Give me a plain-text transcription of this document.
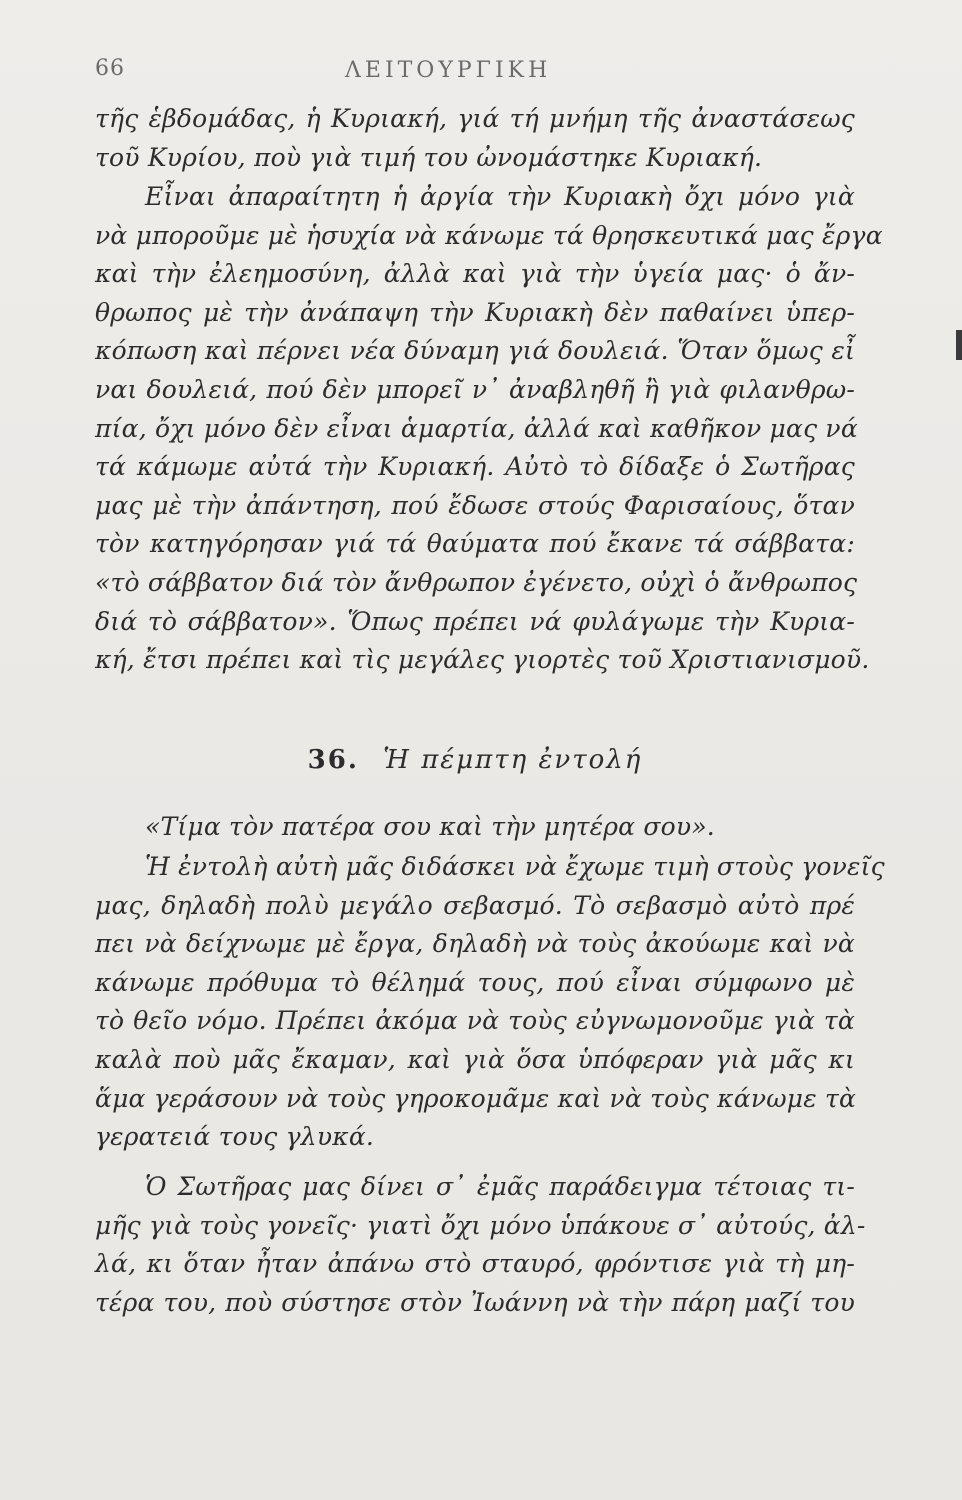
66	ΛΕΙΤΟΥΡΓΙΚΗ
τῆς ἑβδομάδας, ἡ Κυριακή, γιά τή μνήμη τῆς ἀναστάσεως
τοῦ Κυρίου, ποὺ γιὰ τιμή του ὠνομάστηκε Κυριακή.
Εἶναι ἀπαραίτητη ἡ ἀργία τὴν Κυριακὴ ὄχι μόνο γιὰ
νὰ μποροῦμε μὲ ἡσυχία νὰ κάνωμε τά θρησκευτικά μας ἔργα
καὶ τὴν ἐλεημοσύνη, ἀλλὰ καὶ γιὰ τὴν ὑγεία μας· ὁ ἄν-
θρωπος μὲ τὴν ἀνάπαψη τὴν Κυριακὴ δὲν παθαίνει ὑπερ-
κόπωση καὶ πέρνει νέα δύναμη γιά δουλειά. Ὅταν ὅμως εἶ
ναι δουλειά, πού δὲν μπορεῖ ν᾿ ἀναβληθῆ ἢ γιὰ φιλανθρω-
πία, ὄχι μόνο δὲν εἶναι ἁμαρτία, ἀλλά καὶ καθῆκον μας νά
τά κάμωμε αὐτά τὴν Κυριακή. Αὐτὸ τὸ δίδαξε ὁ Σωτῆρας
μας μὲ τὴν ἀπάντηση, πού ἔδωσε στούς Φαρισαίους, ὅταν
τὸν κατηγόρησαν γιά τά θαύματα πού ἔκανε τά σάββατα:
«τὸ σάββατον διά τὸν ἄνθρωπον ἐγένετο, οὐχὶ ὁ ἄνθρωπος
διά τὸ σάββατον». Ὅπως πρέπει νά φυλάγωμε τὴν Κυρια-
κή, ἔτσι πρέπει καὶ τὶς μεγάλες γιορτὲς τοῦ Χριστιανισμοῦ.
36. Ἡ πέμπτη ἐντολή
«Τίμα τὸν πατέρα σου καὶ τὴν μητέρα σου».
Ἡ ἐντολὴ αὐτὴ μᾶς διδάσκει νὰ ἔχωμε τιμὴ στοὺς γονεῖς
μας, δηλαδὴ πολὺ μεγάλο σεβασμό. Τὸ σεβασμὸ αὐτὸ πρέ
πει νὰ δείχνωμε μὲ ἔργα, δηλαδὴ νὰ τοὺς ἀκούωμε καὶ νὰ
κάνωμε πρόθυμα τὸ θέλημά τους, πού εἶναι σύμφωνο μὲ
τὸ θεῖο νόμο. Πρέπει ἀκόμα νὰ τοὺς εὐγνωμονοῦμε γιὰ τὰ
καλὰ ποὺ μᾶς ἔκαμαν, καὶ γιὰ ὅσα ὑπόφεραν γιὰ μᾶς κι
ἅμα γεράσουν νὰ τοὺς γηροκομᾶμε καὶ νὰ τοὺς κάνωμε τὰ
γερατειά τους γλυκά.
Ὁ Σωτῆρας μας δίνει σ᾿ ἐμᾶς παράδειγμα τέτοιας τι-
μῆς γιὰ τοὺς γονεῖς· γιατὶ ὄχι μόνο ὑπάκουε σ᾿ αὐτούς, ἀλ-
λά, κι ὅταν ἦταν ἀπάνω στὸ σταυρό, φρόντισε γιὰ τὴ μη-
τέρα του, ποὺ σύστησε στὸν Ἰωάννη νὰ τὴν πάρη μαζί του
